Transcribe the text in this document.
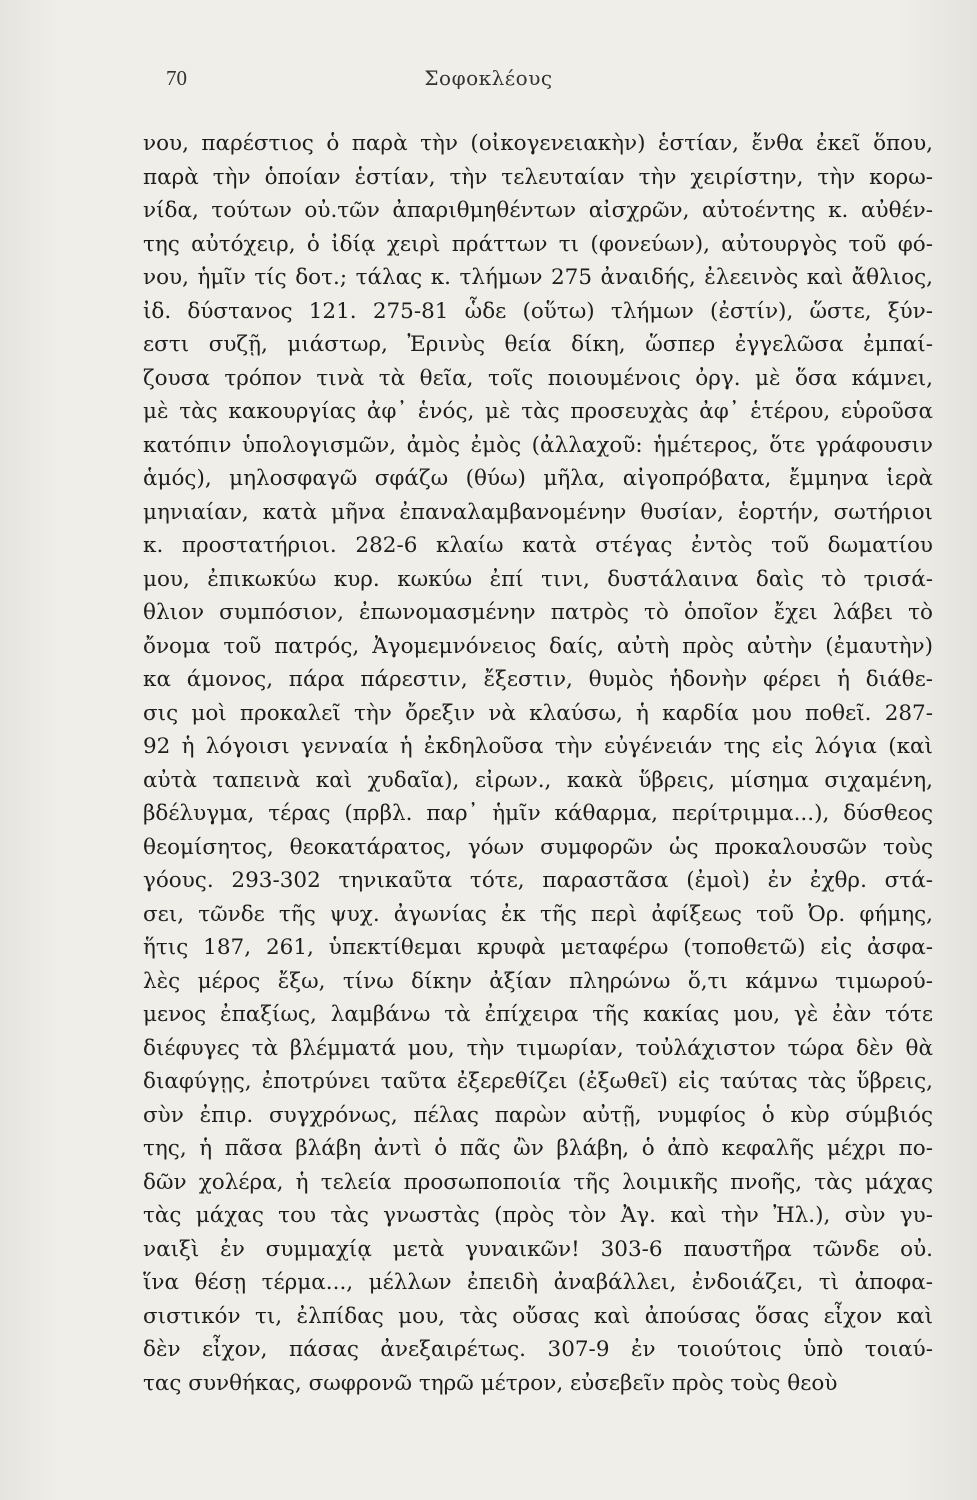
70	Σοφοκλέους
νου, παρέστιος ὁ παρὰ τὴν (οἰκογενειακὴν) ἑστίαν, ἔνθα ἐκεῖ ὅπου,
παρὰ τὴν ὁποίαν ἑστίαν, τὴν τελευταίαν τὴν χειρίστην, τὴν κορω-
νίδα, τούτων οὐ.τῶν ἀπαριθμηθέντων αἰσχρῶν, αὐτοέντης κ. αὐθέν-
της αὐτόχειρ, ὁ ἰδίᾳ χειρὶ πράττων τι (φονεύων), αὐτουργὸς τοῦ φό-
νου, ἡμῖν τίς δοτ.; τάλας κ. τλήμων 275 ἀναιδής, ἐλεεινὸς καὶ ἄθλιος,
ἰδ. δύστανος 121. 275-81 ὧδε (οὕτω) τλήμων (ἐστίν), ὥστε, ξύν-
εστι συζῇ, μιάστωρ, Ἐρινὺς θεία δίκη, ὥσπερ ἐγγελῶσα ἐμπαί-
ζουσα τρόπον τινὰ τὰ θεῖα, τοῖς ποιουμένοις ὀργ. μὲ ὅσα κάμνει,
μὲ τὰς κακουργίας ἀφ᾽ ἑνός, μὲ τὰς προσευχὰς ἀφ᾽ ἑτέρου, εὑροῦσα
κατόπιν ὑπολογισμῶν, ἀμὸς ἐμὸς (ἀλλαχοῦ: ἡμέτερος, ὅτε γράφουσιν
ἁμός), μηλοσφαγῶ σφάζω (θύω) μῆλα, αἰγοπρόβατα, ἔμμηνα ἱερὰ
μηνιαίαν, κατὰ μῆνα ἐπαναλαμβανομένην θυσίαν, ἑορτήν, σωτήριοι
κ. προστατήριοι. 282-6 κλαίω κατὰ στέγας ἐντὸς τοῦ δωματίου
μου, ἐπικωκύω κυρ. κωκύω ἐπί τινι, δυστάλαινα δαὶς τὸ τρισά-
θλιον συμπόσιον, ἐπωνομασμένην πατρὸς τὸ ὁποῖον ἔχει λάβει τὸ
ὄνομα τοῦ πατρός, Ἀγομεμνόνειος δαίς, αὐτὴ πρὸς αὐτὴν (ἐμαυτὴν)
κα άμονος, πάρα πάρεστιν, ἔξεστιν, θυμὸς ἡδονὴν φέρει ἡ διάθε-
σις μοὶ προκαλεῖ τὴν ὄρεξιν νὰ κλαύσω, ἡ καρδία μου ποθεῖ. 287-
92 ἡ λόγοισι γενναία ἡ ἐκδηλοῦσα τὴν εὐγένειάν της εἰς λόγια (καὶ
αὐτὰ ταπεινὰ καὶ χυδαῖα), εἰρων., κακὰ ὕβρεις, μίσημα σιχαμένη,
βδέλυγμα, τέρας (πρβλ. παρ᾽ ἡμῖν κάθαρμα, περίτριμμα...), δύσθεος
θεομίσητος, θεοκατάρατος, γόων συμφορῶν ὡς προκαλουσῶν τοὺς
γόους. 293-302 τηνικαῦτα τότε, παραστᾶσα (ἐμοὶ) ἐν ἐχθρ. στά-
σει, τῶνδε τῆς ψυχ. ἀγωνίας ἐκ τῆς περὶ ἀφίξεως τοῦ Ὀρ. φήμης,
ἥτις 187, 261, ὑπεκτίθεμαι κρυφὰ μεταφέρω (τοποθετῶ) εἰς ἀσφα-
λὲς μέρος ἔξω, τίνω δίκην ἀξίαν πληρώνω ὅ,τι κάμνω τιμωρού-
μενος ἐπαξίως, λαμβάνω τὰ ἐπίχειρα τῆς κακίας μου, γὲ ἐὰν τότε
διέφυγες τὰ βλέμματά μου, τὴν τιμωρίαν, τοὐλάχιστον τώρα δὲν θὰ
διαφύγῃς, ἐποτρύνει ταῦτα ἐξερεθίζει (ἐξωθεῖ) εἰς ταύτας τὰς ὕβρεις,
σὺν ἐπιρ. συγχρόνως, πέλας παρὼν αὐτῇ, νυμφίος ὁ κὺρ σύμβιός
της, ἡ πᾶσα βλάβη ἀντὶ ὁ πᾶς ὢν βλάβη, ὁ ἀπὸ κεφαλῆς μέχρι πο-
δῶν χολέρα, ἡ τελεία προσωποποιία τῆς λοιμικῆς πνοῆς, τὰς μάχας
τὰς μάχας του τὰς γνωστὰς (πρὸς τὸν Ἀγ. καὶ τὴν Ἠλ.), σὺν γυ-
ναιξὶ ἐν συμμαχίᾳ μετὰ γυναικῶν! 303-6 παυστῆρα τῶνδε οὐ.
ἵνα θέσῃ τέρμα..., μέλλων ἐπειδὴ ἀναβάλλει, ἐνδοιάζει, τὶ ἀποφα-
σιστικόν τι, ἐλπίδας μου, τὰς οὔσας καὶ ἀπούσας ὅσας εἶχον καὶ
δὲν εἶχον, πάσας ἀνεξαιρέτως. 307-9 ἐν τοιούτοις ὑπὸ τοιαύ-
τας συνθήκας, σωφρονῶ τηρῶ μέτρον, εὐσεβεῖν πρὸς τοὺς θεοὺ
